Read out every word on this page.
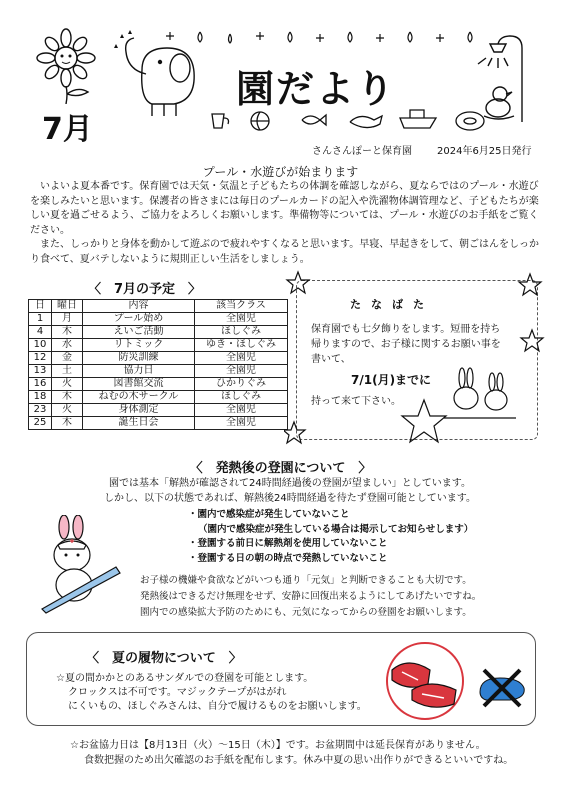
園だより
7月
さんさんぽーと保育園	2024年6月25日発行
プール・水遊びが始まります

いよいよ夏本番です。保育園では天気・気温と子どもたちの体調を確認しながら、夏ならではのプール・水遊びを楽しみたいと思います。保護者の皆さまには毎日のプールカードの記入や洗濯物体調管理など、子どもたちが楽しい夏を過ごせるよう、ご協力をよろしくお願いします。準備物等については、プール・水遊びのお手紙をご覧ください。

また、しっかりと身体を動かして遊ぶので疲れやすくなると思います。早寝、早起きをして、朝ごはんをしっかり食べて、夏バテしないように規則正しい生活をしましょう。

〈　7月の予定　〉
日	曜日	内容	該当クラス
1	月	プール始め	全園児
4	木	えいご活動	ほしぐみ
10	水	リトミック	ゆき・ほしぐみ
12	金	防災訓練	全園児
13	土	協力日	全園児
16	火	図書館交流	ひかりぐみ
18	木	ねむの木サークル	ほしぐみ
23	火	身体測定	全園児
25	木	誕生日会	全園児
たなばた
保育園でも七夕飾りをします。短冊を持ち帰りますので、お子様に関するお願い事を書いて、
7/1(月)までに
持って来て下さい。
〈　発熱後の登園について　〉
園では基本「解熱が確認されて24時間経過後の登園が望ましい」としています。
しかし、以下の状態であれば、解熱後24時間経過を待たず登園可能としています。
・園内で感染症が発生していないこと
（園内で感染症が発生している場合は掲示してお知らせします）
・登園する前日に解熱剤を使用していないこと
・登園する日の朝の時点で発熱していないこと
お子様の機嫌や食欲などがいつも通り「元気」と判断できることも大切です。
発熱後はできるだけ無理をせず、安静に回復出来るようにしてあげたいですね。
園内での感染拡大予防のためにも、元気になってからの登園をお願いします。
〈　夏の履物について　〉
☆夏の間かかとのあるサンダルでの登園を可能とします。
クロックスは不可です。マジックテープがはがれ
にくいもの、ほしぐみさんは、自分で履けるものをお願いします。
☆お盆協力日は【8月13日（火）～15日（木）】です。お盆期間中は延長保育がありません。
食数把握のため出欠確認のお手紙を配布します。休み中夏の思い出作りができるといいですね。
